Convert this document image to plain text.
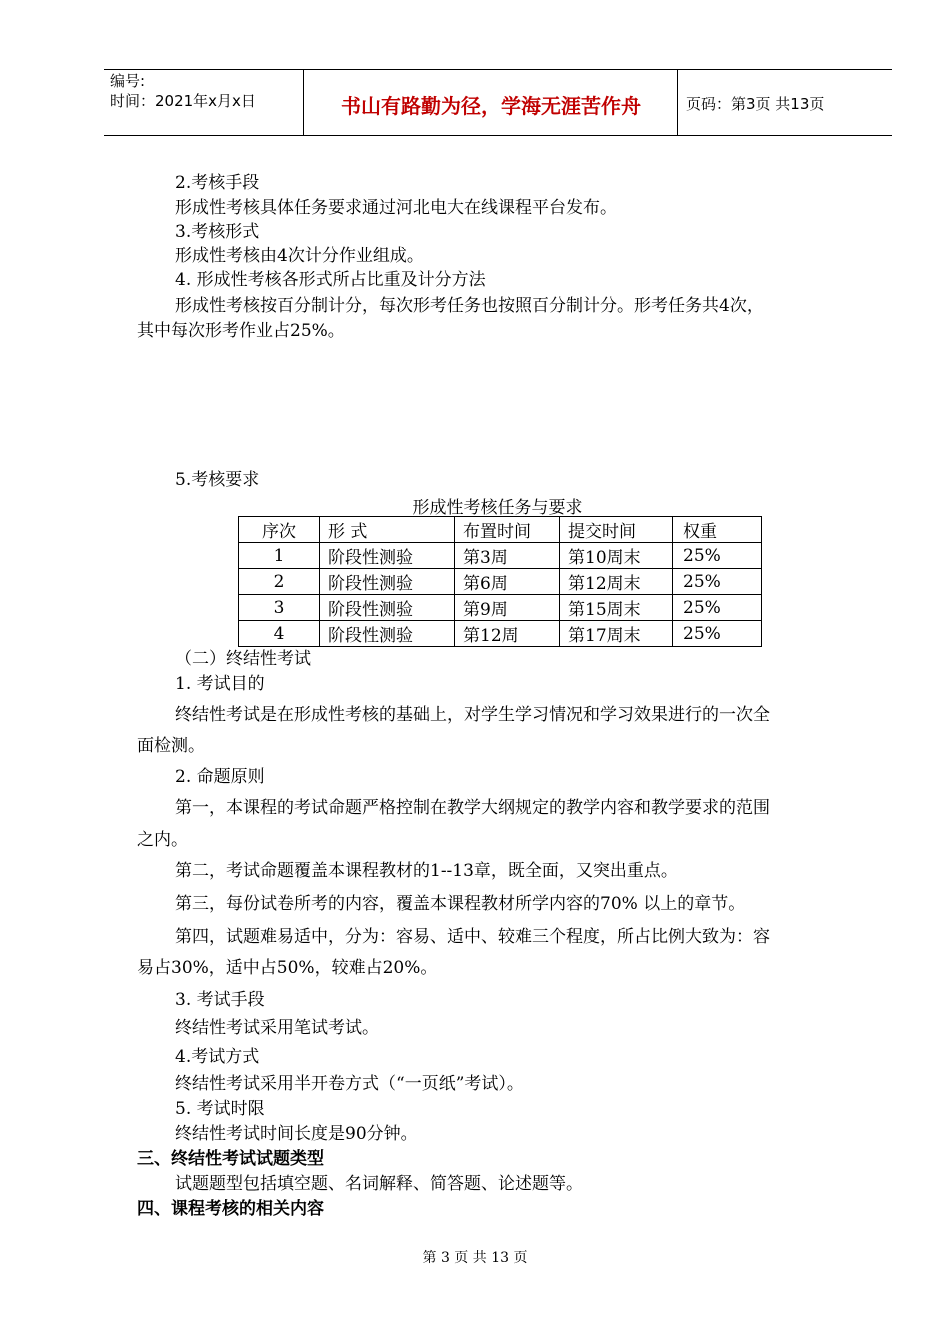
编号:
时间：2021年x月x日	书山有路勤为径，学海无涯苦作舟	页码：第3页 共13页
2.考核手段
形成性考核具体任务要求通过河北电大在线课程平台发布。
3.考核形式
形成性考核由4次计分作业组成。
4. 形成性考核各形式所占比重及计分方法
形成性考核按百分制计分，每次形考任务也按照百分制计分。形考任务共4次，
其中每次形考作业占25%。
5.考核要求
形成性考核任务与要求
序次	形 式	布置时间	提交时间	权重
1	阶段性测验	第3周	第10周末	25%
2	阶段性测验	第6周	第12周末	25%
3	阶段性测验	第9周	第15周末	25%
4	阶段性测验	第12周	第17周末	25%
（二）终结性考试
1. 考试目的
终结性考试是在形成性考核的基础上，对学生学习情况和学习效果进行的一次全
面检测。
2. 命题原则
第一，本课程的考试命题严格控制在教学大纲规定的教学内容和教学要求的范围
之内。
第二，考试命题覆盖本课程教材的1--13章，既全面，又突出重点。
第三，每份试卷所考的内容，覆盖本课程教材所学内容的70% 以上的章节。
第四，试题难易适中，分为：容易、适中、较难三个程度，所占比例大致为：容
易占30%，适中占50%，较难占20%。
3. 考试手段
终结性考试采用笔试考试。
4.考试方式
终结性考试采用半开卷方式（“一页纸”考试）。
5. 考试时限
终结性考试时间长度是90分钟。
三、终结性考试试题类型
试题题型包括填空题、名词解释、简答题、论述题等。
四、课程考核的相关内容
第 3 页 共 13 页
